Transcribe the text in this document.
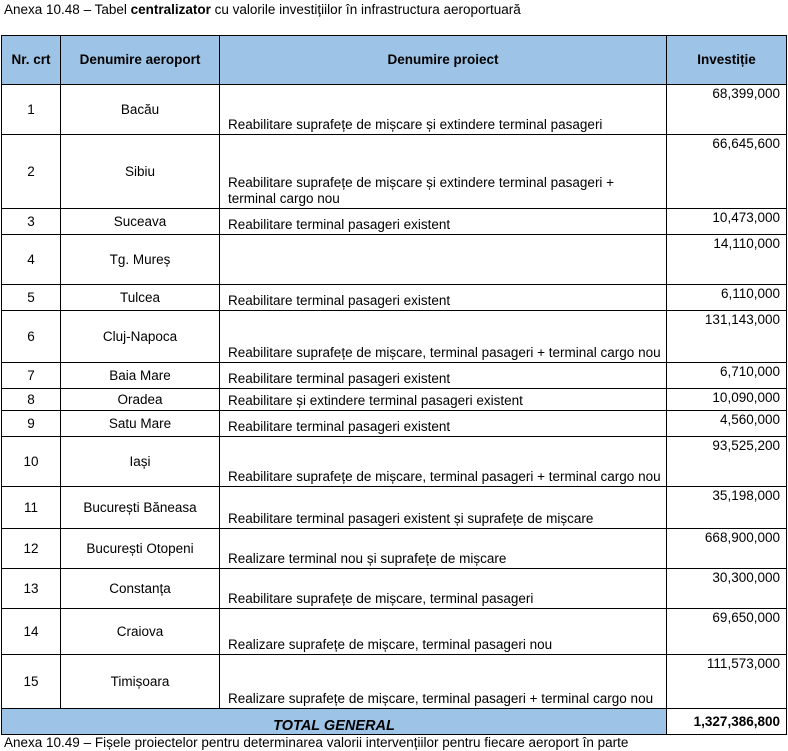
Anexa 10.48 – Tabel centralizator cu valorile investițiilor în infrastructura aeroportuară
Nr. crt	Denumire aeroport	Denumire proiect	Investiție
1	Bacău	Reabilitare suprafețe de mișcare și extindere terminal pasageri	68,399,000
2	Sibiu	Reabilitare suprafețe de mișcare și extindere terminal pasageri + terminal cargo nou	66,645,600
3	Suceava	Reabilitare terminal pasageri existent	10,473,000
4	Tg. Mureș		14,110,000
5	Tulcea	Reabilitare terminal pasageri existent	6,110,000
6	Cluj-Napoca	Reabilitare suprafețe de mișcare, terminal pasageri + terminal cargo nou	131,143,000
7	Baia Mare	Reabilitare terminal pasageri existent	6,710,000
8	Oradea	Reabilitare și extindere terminal pasageri existent	10,090,000
9	Satu Mare	Reabilitare terminal pasageri existent	4,560,000
10	Iași	Reabilitare suprafețe de mișcare, terminal pasageri + terminal cargo nou	93,525,200
11	București Băneasa	Reabilitare terminal pasageri existent și suprafețe de mișcare	35,198,000
12	București Otopeni	Realizare terminal nou și suprafețe de mișcare	668,900,000
13	Constanța	Reabilitare suprafețe de mișcare, terminal pasageri	30,300,000
14	Craiova	Realizare suprafețe de mișcare, terminal pasageri nou	69,650,000
15	Timișoara	Realizare suprafețe de mișcare, terminal pasageri + terminal cargo nou	111,573,000
TOTAL GENERAL			1,327,386,800
Anexa 10.49 – Fișele proiectelor pentru determinarea valorii intervențiilor pentru fiecare aeroport în parte
